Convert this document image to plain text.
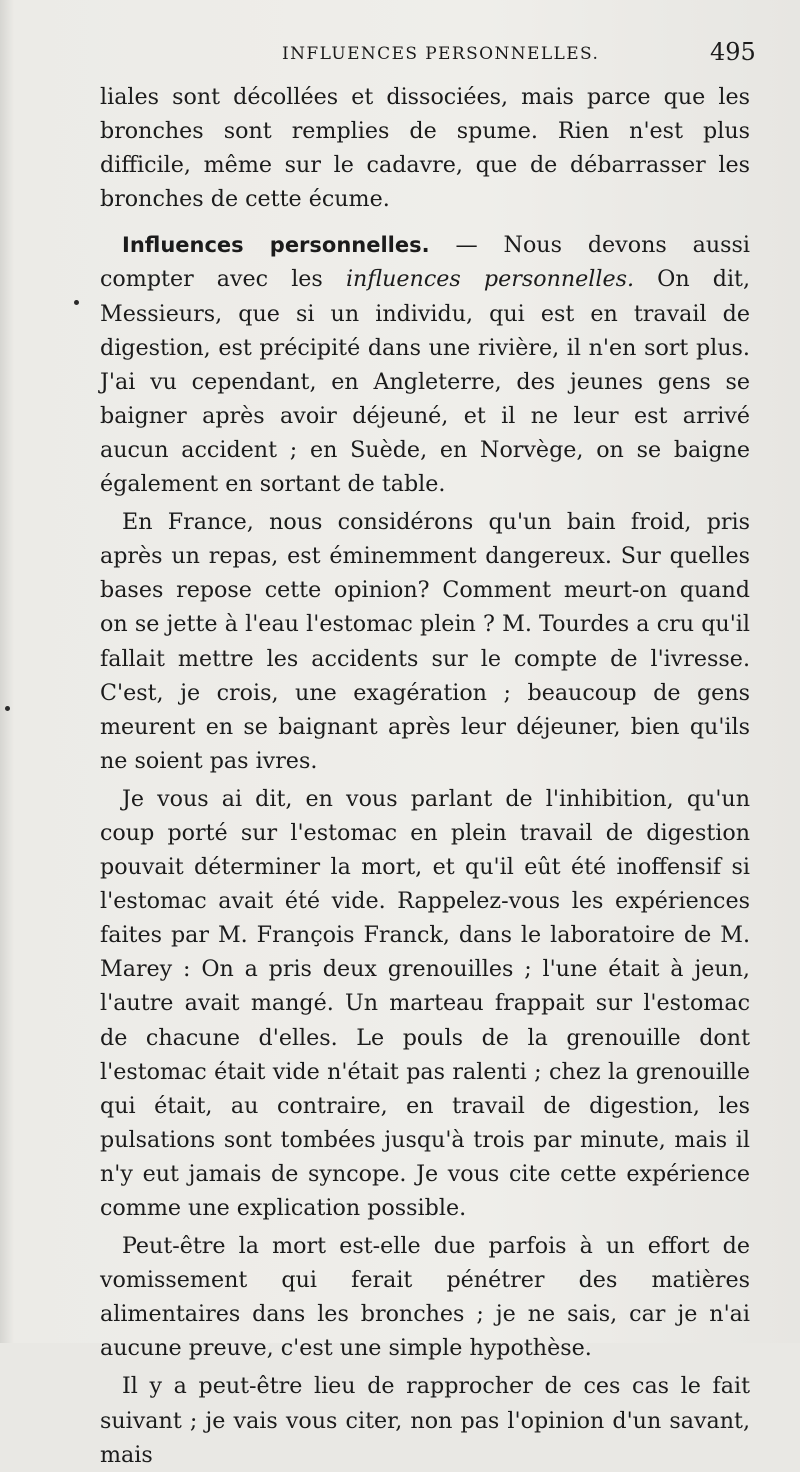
INFLUENCES PERSONNELLES.	495

liales sont décollées et dissociées, mais parce que les bronches sont remplies de spume. Rien n'est plus difficile, même sur le cadavre, que de débarrasser les bronches de cette écume.

Influences personnelles. — Nous devons aussi compter avec les influences personnelles. On dit, Messieurs, que si un individu, qui est en travail de digestion, est précipité dans une rivière, il n'en sort plus. J'ai vu cependant, en Angleterre, des jeunes gens se baigner après avoir déjeuné, et il ne leur est arrivé aucun accident ; en Suède, en Norvège, on se baigne également en sortant de table.

En France, nous considérons qu'un bain froid, pris après un repas, est éminemment dangereux. Sur quelles bases repose cette opinion? Comment meurt-on quand on se jette à l'eau l'estomac plein ? M. Tourdes a cru qu'il fallait mettre les accidents sur le compte de l'ivresse. C'est, je crois, une exagération ; beaucoup de gens meurent en se baignant après leur déjeuner, bien qu'ils ne soient pas ivres.

Je vous ai dit, en vous parlant de l'inhibition, qu'un coup porté sur l'estomac en plein travail de digestion pouvait déterminer la mort, et qu'il eût été inoffensif si l'estomac avait été vide. Rappelez-vous les expériences faites par M. François Franck, dans le laboratoire de M. Marey : On a pris deux grenouilles ; l'une était à jeun, l'autre avait mangé. Un marteau frappait sur l'estomac de chacune d'elles. Le pouls de la grenouille dont l'estomac était vide n'était pas ralenti ; chez la grenouille qui était, au contraire, en travail de digestion, les pulsations sont tombées jusqu'à trois par minute, mais il n'y eut jamais de syncope. Je vous cite cette expérience comme une explication possible.

Peut-être la mort est-elle due parfois à un effort de vomissement qui ferait pénétrer des matières alimentaires dans les bronches ; je ne sais, car je n'ai aucune preuve, c'est une simple hypothèse.

Il y a peut-être lieu de rapprocher de ces cas le fait suivant ; je vais vous citer, non pas l'opinion d'un savant, mais
